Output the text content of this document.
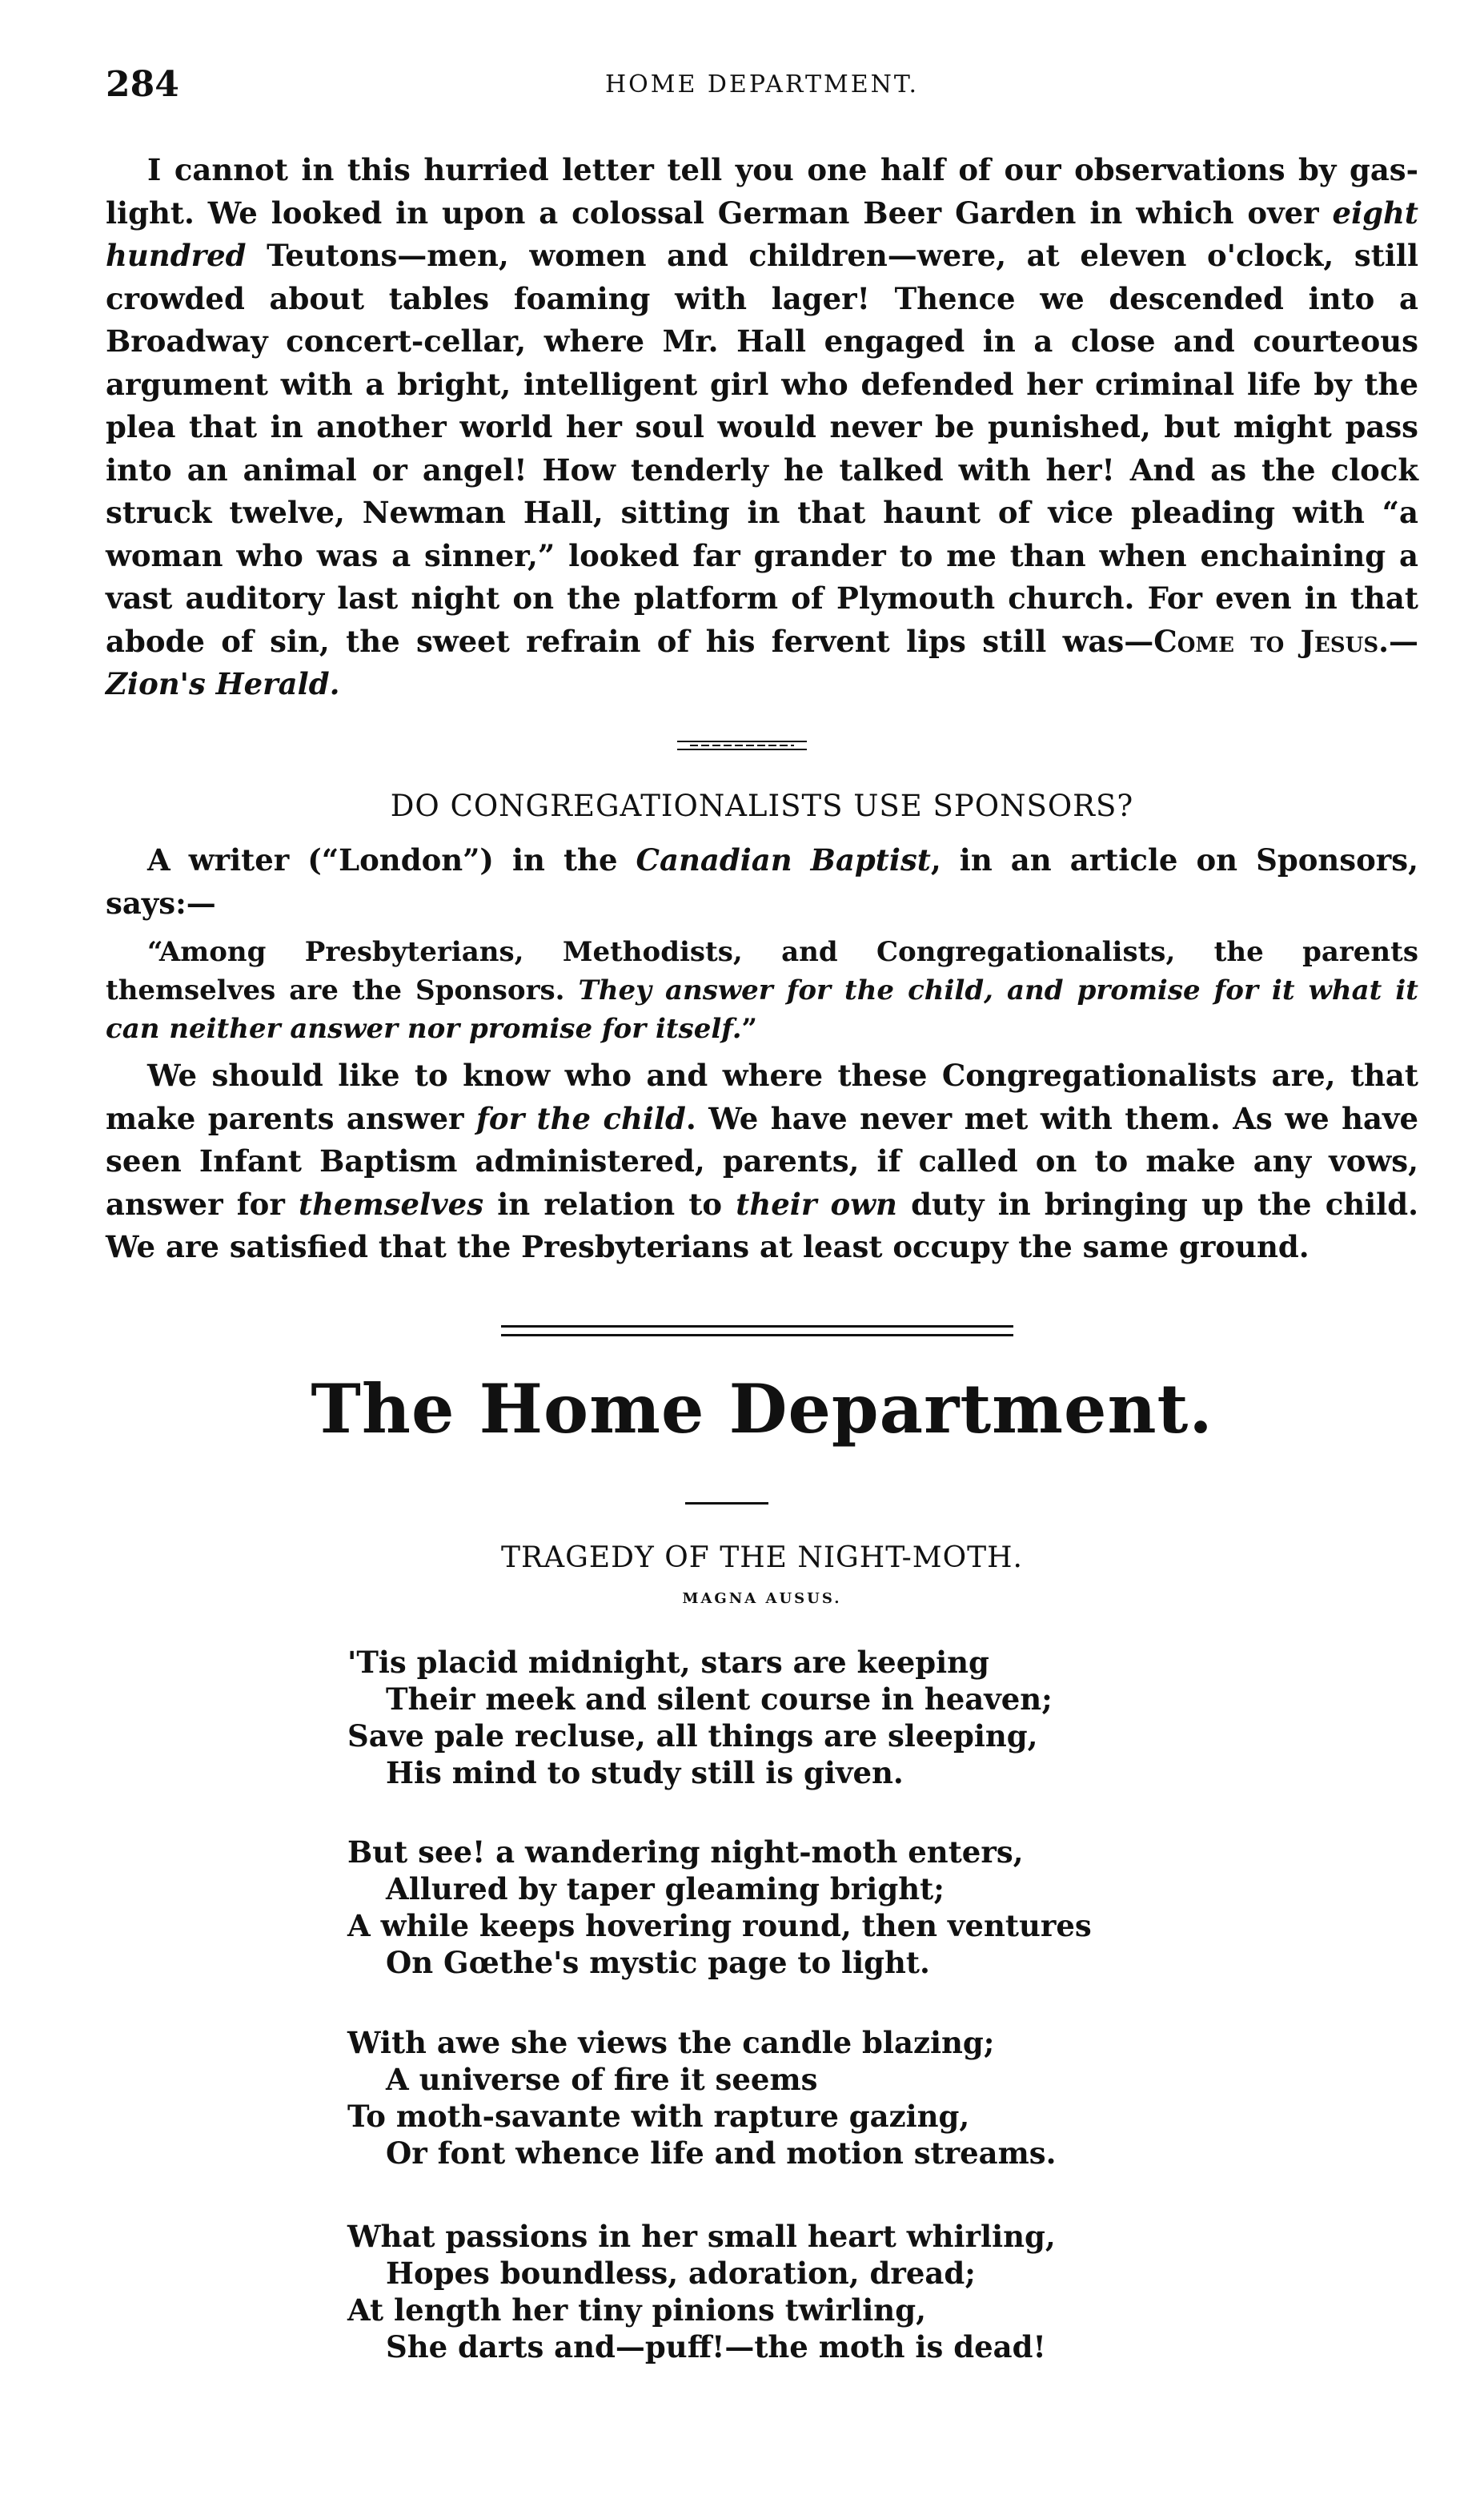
284	HOME DEPARTMENT.

I cannot in this hurried letter tell you one half of our observations by gas-light. We looked in upon a colossal German Beer Garden in which over eight hundred Teutons—men, women and children—were, at eleven o'clock, still crowded about tables foaming with lager! Thence we descended into a Broadway concert-cellar, where Mr. Hall engaged in a close and courteous argument with a bright, intelligent girl who defended her criminal life by the plea that in another world her soul would never be punished, but might pass into an animal or angel! How tenderly he talked with her! And as the clock struck twelve, Newman Hall, sitting in that haunt of vice pleading with “a woman who was a sinner,” looked far grander to me than when enchaining a vast auditory last night on the platform of Plymouth church. For even in that abode of sin, the sweet refrain of his fervent lips still was—Come to Jesus.—Zion's Herald.

DO CONGREGATIONALISTS USE SPONSORS?

A writer (“London”) in the Canadian Baptist, in an article on Sponsors, says:—

“Among Presbyterians, Methodists, and Congregationalists, the parents themselves are the Sponsors. They answer for the child, and promise for it what it can neither answer nor promise for itself.”

We should like to know who and where these Congregationalists are, that make parents answer for the child. We have never met with them. As we have seen Infant Baptism administered, parents, if called on to make any vows, answer for themselves in relation to their own duty in bringing up the child. We are satisfied that the Presbyterians at least occupy the same ground.

The Home Department.
TRAGEDY OF THE NIGHT-MOTH.
MAGNA AUSUS.
'Tis placid midnight, stars are keeping
Their meek and silent course in heaven;
Save pale recluse, all things are sleeping,
His mind to study still is given.
But see! a wandering night-moth enters,
Allured by taper gleaming bright;
A while keeps hovering round, then ventures
On Gœthe's mystic page to light.
With awe she views the candle blazing;
A universe of fire it seems
To moth-savante with rapture gazing,
Or font whence life and motion streams.
What passions in her small heart whirling,
Hopes boundless, adoration, dread;
At length her tiny pinions twirling,
She darts and—puff!—the moth is dead!
